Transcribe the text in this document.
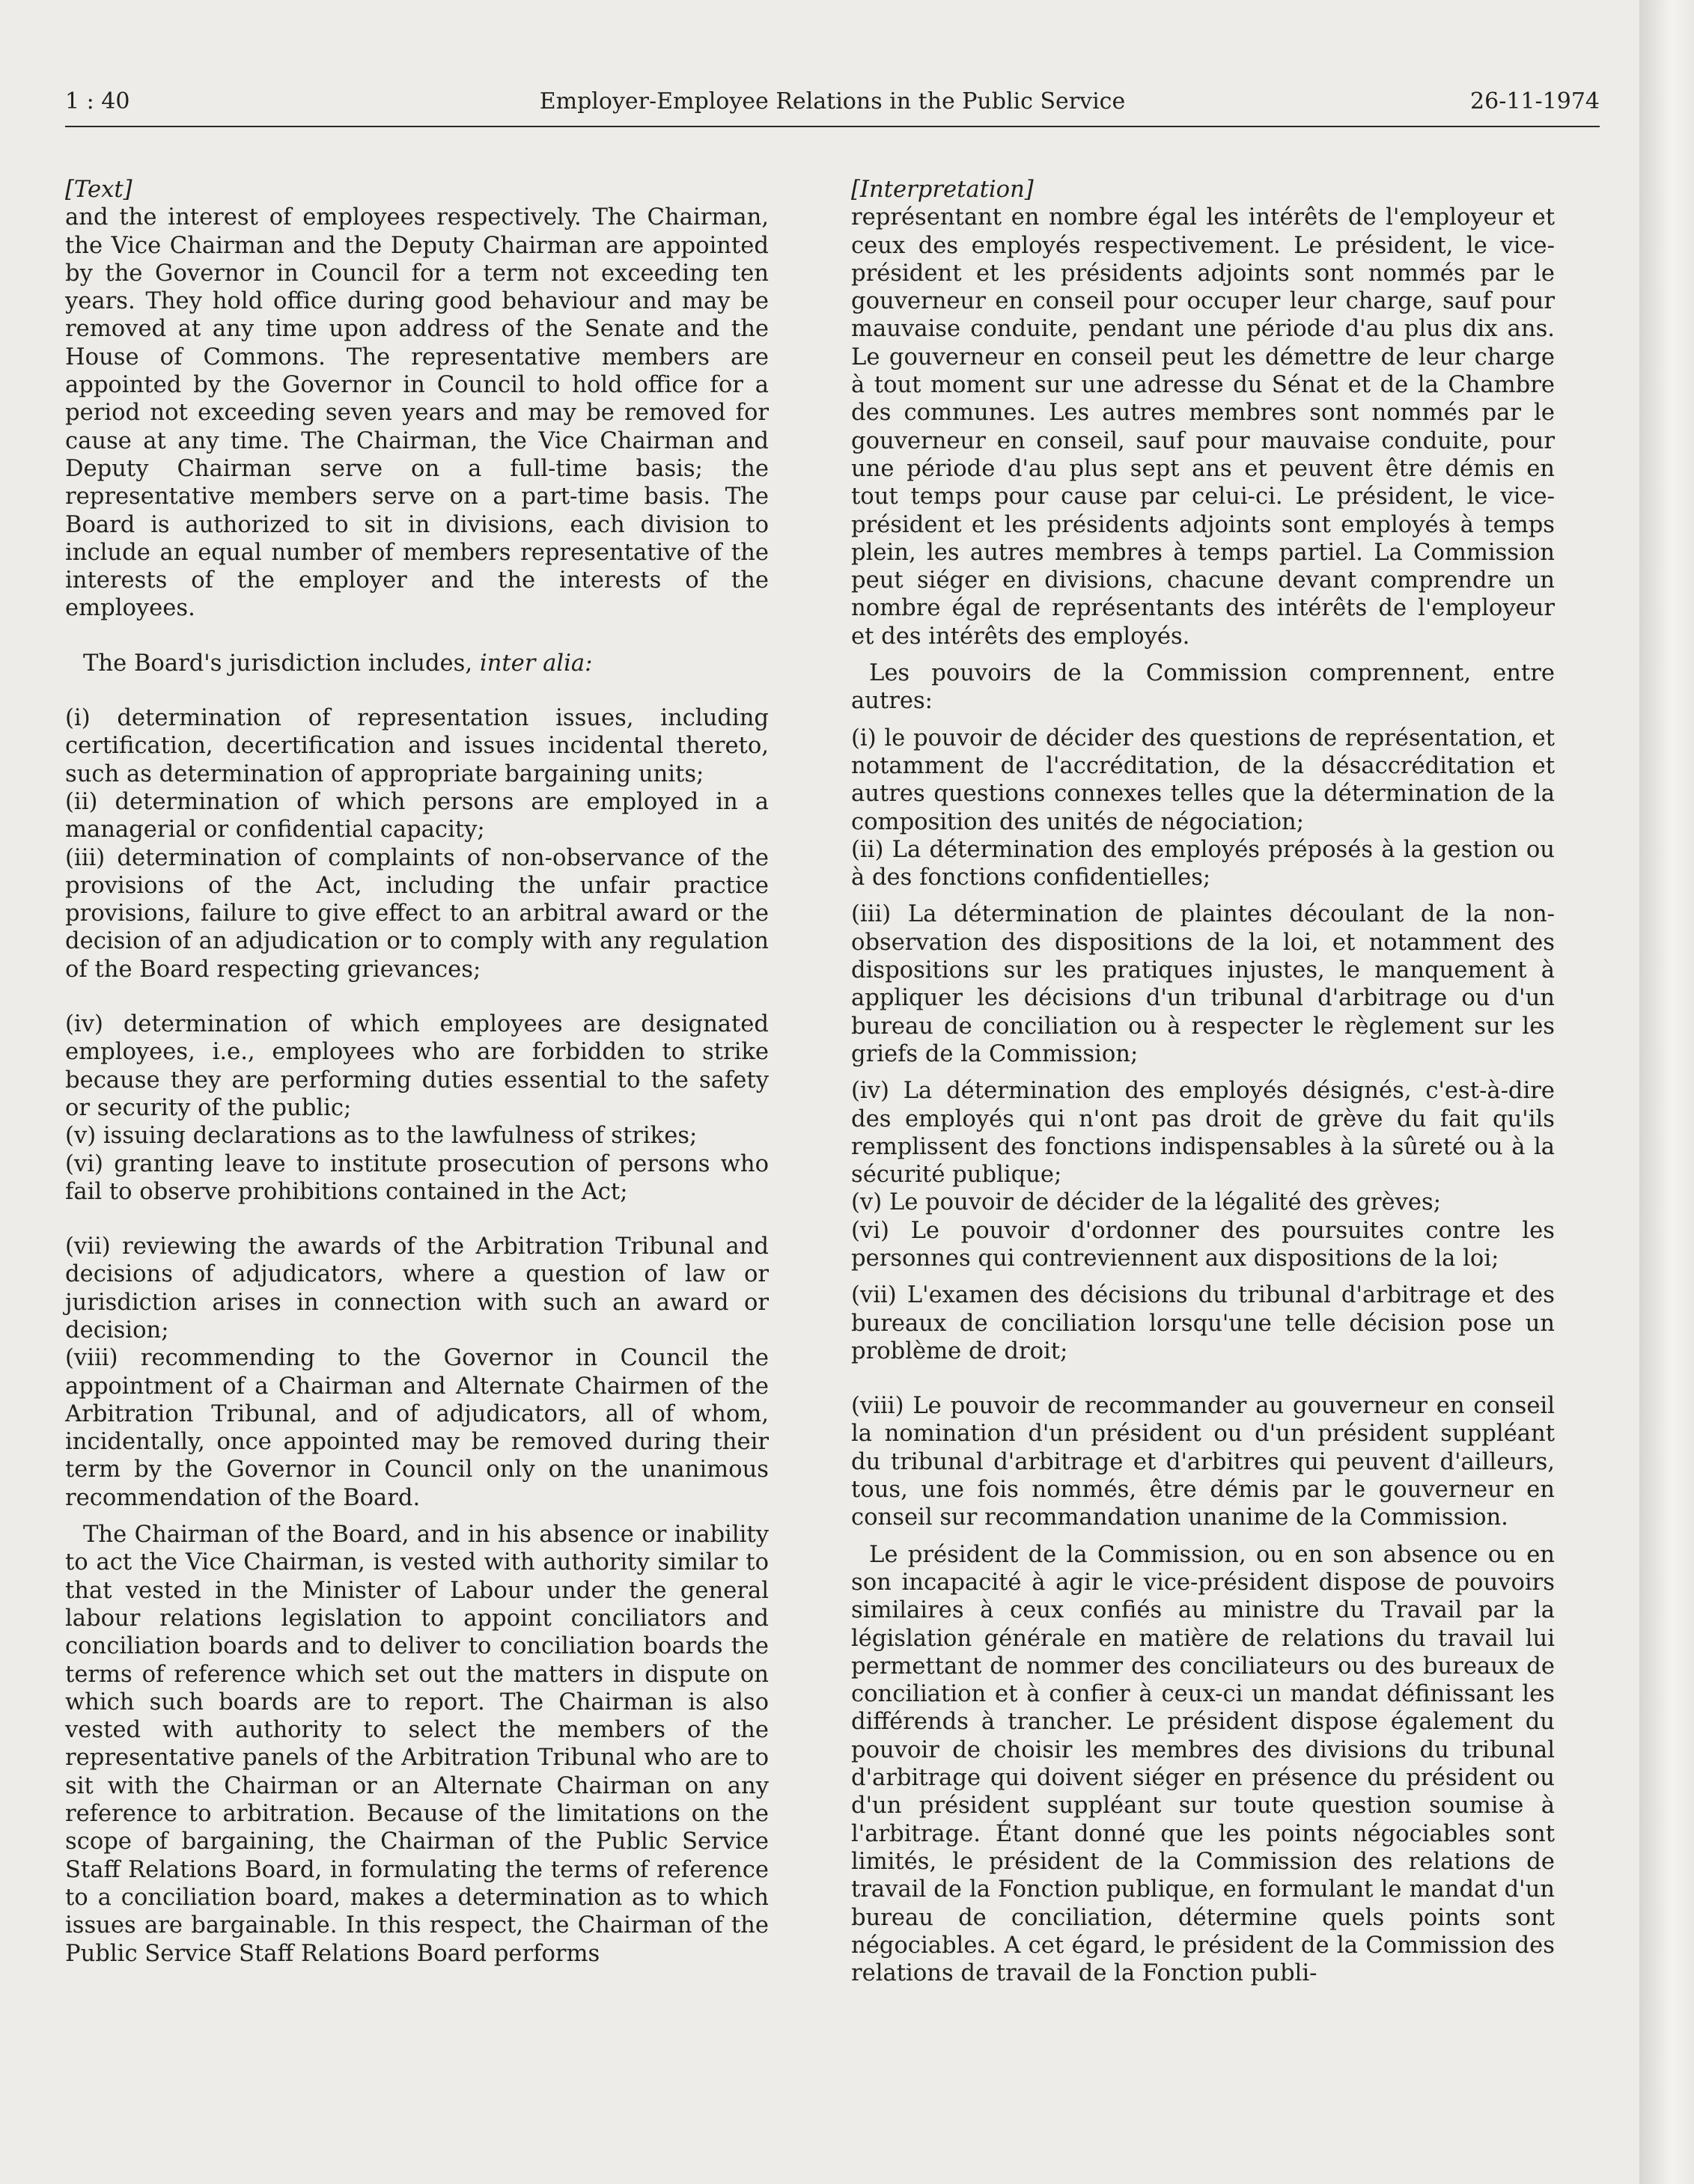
1 : 40	Employer-Employee Relations in the Public Service	26-11-1974

[Text]

and the interest of employees respectively. The Chairman, the Vice Chairman and the Deputy Chairman are appointed by the Governor in Council for a term not exceeding ten years. They hold office during good behaviour and may be removed at any time upon address of the Senate and the House of Commons. The representative members are appointed by the Governor in Council to hold office for a period not exceeding seven years and may be removed for cause at any time. The Chairman, the Vice Chairman and Deputy Chairman serve on a full-time basis; the representative members serve on a part-time basis. The Board is authorized to sit in divisions, each division to include an equal number of members representative of the interests of the employer and the interests of the employees.

The Board's jurisdiction includes, inter alia:

(i) determination of representation issues, including certification, decertification and issues incidental thereto, such as determination of appropriate bargaining units;

(ii) determination of which persons are employed in a managerial or confidential capacity;

(iii) determination of complaints of non-observance of the provisions of the Act, including the unfair practice provisions, failure to give effect to an arbitral award or the decision of an adjudication or to comply with any regulation of the Board respecting grievances;

(iv) determination of which employees are designated employees, i.e., employees who are forbidden to strike because they are performing duties essential to the safety or security of the public;

(v) issuing declarations as to the lawfulness of strikes;

(vi) granting leave to institute prosecution of persons who fail to observe prohibitions contained in the Act;

(vii) reviewing the awards of the Arbitration Tribunal and decisions of adjudicators, where a question of law or jurisdiction arises in connection with such an award or decision;

(viii) recommending to the Governor in Council the appointment of a Chairman and Alternate Chairmen of the Arbitration Tribunal, and of adjudicators, all of whom, incidentally, once appointed may be removed during their term by the Governor in Council only on the unanimous recommendation of the Board.

The Chairman of the Board, and in his absence or inability to act the Vice Chairman, is vested with authority similar to that vested in the Minister of Labour under the general labour relations legislation to appoint conciliators and conciliation boards and to deliver to conciliation boards the terms of reference which set out the matters in dispute on which such boards are to report. The Chairman is also vested with authority to select the members of the representative panels of the Arbitration Tribunal who are to sit with the Chairman or an Alternate Chairman on any reference to arbitration. Because of the limitations on the scope of bargaining, the Chairman of the Public Service Staff Relations Board, in formulating the terms of reference to a conciliation board, makes a determination as to which issues are bargainable. In this respect, the Chairman of the Public Service Staff Relations Board performs

[Interpretation]

représentant en nombre égal les intérêts de l'employeur et ceux des employés respectivement. Le président, le vice-président et les présidents adjoints sont nommés par le gouverneur en conseil pour occuper leur charge, sauf pour mauvaise conduite, pendant une période d'au plus dix ans. Le gouverneur en conseil peut les démettre de leur charge à tout moment sur une adresse du Sénat et de la Chambre des communes. Les autres membres sont nommés par le gouverneur en conseil, sauf pour mauvaise conduite, pour une période d'au plus sept ans et peuvent être démis en tout temps pour cause par celui-ci. Le président, le vice-président et les présidents adjoints sont employés à temps plein, les autres membres à temps partiel. La Commission peut siéger en divisions, chacune devant comprendre un nombre égal de représentants des intérêts de l'employeur et des intérêts des employés.

Les pouvoirs de la Commission comprennent, entre autres:

(i) le pouvoir de décider des questions de représentation, et notamment de l'accréditation, de la désaccréditation et autres questions connexes telles que la détermination de la composition des unités de négociation;

(ii) La détermination des employés préposés à la gestion ou à des fonctions confidentielles;

(iii) La détermination de plaintes découlant de la non-observation des dispositions de la loi, et notamment des dispositions sur les pratiques injustes, le manquement à appliquer les décisions d'un tribunal d'arbitrage ou d'un bureau de conciliation ou à respecter le règlement sur les griefs de la Commission;

(iv) La détermination des employés désignés, c'est-à-dire des employés qui n'ont pas droit de grève du fait qu'ils remplissent des fonctions indispensables à la sûreté ou à la sécurité publique;

(v) Le pouvoir de décider de la légalité des grèves;

(vi) Le pouvoir d'ordonner des poursuites contre les personnes qui contreviennent aux dispositions de la loi;

(vii) L'examen des décisions du tribunal d'arbitrage et des bureaux de conciliation lorsqu'une telle décision pose un problème de droit;

(viii) Le pouvoir de recommander au gouverneur en conseil la nomination d'un président ou d'un président suppléant du tribunal d'arbitrage et d'arbitres qui peuvent d'ailleurs, tous, une fois nommés, être démis par le gouverneur en conseil sur recommandation unanime de la Commission.

Le président de la Commission, ou en son absence ou en son incapacité à agir le vice-président dispose de pouvoirs similaires à ceux confiés au ministre du Travail par la législation générale en matière de relations du travail lui permettant de nommer des conciliateurs ou des bureaux de conciliation et à confier à ceux-ci un mandat définissant les différends à trancher. Le président dispose également du pouvoir de choisir les membres des divisions du tribunal d'arbitrage qui doivent siéger en présence du président ou d'un président suppléant sur toute question soumise à l'arbitrage. Étant donné que les points négociables sont limités, le président de la Commission des relations de travail de la Fonction publique, en formulant le mandat d'un bureau de conciliation, détermine quels points sont négociables. A cet égard, le président de la Commission des relations de travail de la Fonction publi-
